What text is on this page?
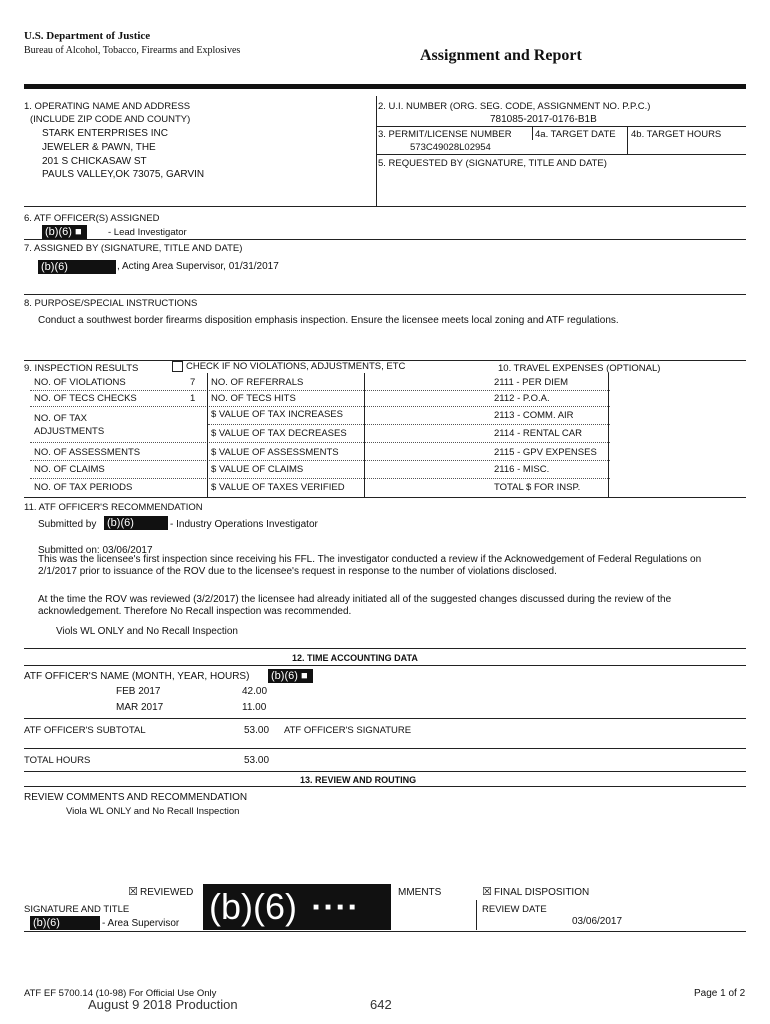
U.S. Department of Justice
Bureau of Alcohol, Tobacco, Firearms and Explosives	Assignment and Report
1. OPERATING NAME AND ADDRESS
(INCLUDE ZIP CODE AND COUNTY)
STARK ENTERPRISES INC
JEWELER & PAWN, THE
201 S CHICKASAW ST
PAULS VALLEY,OK 73075, GARVIN
2. U.I. NUMBER (ORG. SEG. CODE, ASSIGNMENT NO. P.P.C.)
781085-2017-0176-B1B
3. PERMIT/LICENSE NUMBER 4a. TARGET DATE 4b. TARGET HOURS
573C49028L02954
5. REQUESTED BY (SIGNATURE, TITLE AND DATE)
6. ATF OFFICER(S) ASSIGNED
(b)(6) ■	- Lead Investigator
7. ASSIGNED BY (SIGNATURE, TITLE AND DATE)
(b)(6)	, Acting Area Supervisor, 01/31/2017
8. PURPOSE/SPECIAL INSTRUCTIONS
Conduct a southwest border firearms disposition emphasis inspection. Ensure the licensee meets local zoning and ATF regulations.
9. INSPECTION RESULTS	CHECK IF NO VIOLATIONS, ADJUSTMENTS, ETC	10. TRAVEL EXPENSES (OPTIONAL)
NO. OF VIOLATIONS	7 NO. OF REFERRALS	2111 - PER DIEM
NO. OF TECS CHECKS	1 NO. OF TECS HITS	2112 - P.O.A.
NO. OF TAX	$ VALUE OF TAX INCREASES	2113 - COMM. AIR
ADJUSTMENTS	$ VALUE OF TAX DECREASES	2114 - RENTAL CAR
NO. OF ASSESSMENTS	$ VALUE OF ASSESSMENTS	2115 - GPV EXPENSES
NO. OF CLAIMS	$ VALUE OF CLAIMS	2116 - MISC.
NO. OF TAX PERIODS	$ VALUE OF TAXES VERIFIED	TOTAL $ FOR INSP.
11. ATF OFFICER'S RECOMMENDATION
Submitted by (b)(6)	- Industry Operations Investigator
Submitted on: 03/06/2017
This was the licensee's first inspection since receiving his FFL. The investigator conducted a review if the Acknowedgement of Federal Regulations on 2/1/2017 prior to issuance of the ROV due to the licensee's request in response to the number of violations disclosed.
At the time the ROV was reviewed (3/2/2017) the licensee had already initiated all of the suggested changes discussed during the review of the acknowledgement. Therefore No Recall inspection was recommended.
Viols WL ONLY and No Recall Inspection
12. TIME ACCOUNTING DATA
ATF OFFICER'S NAME (MONTH, YEAR, HOURS) (b)(6) ■
FEB 2017	42.00
MAR 2017	11.00
ATF OFFICER'S SUBTOTAL	53.00 ATF OFFICER'S SIGNATURE
TOTAL HOURS	53.00
13. REVIEW AND ROUTING
REVIEW COMMENTS AND RECOMMENDATION
Viola WL ONLY and No Recall Inspection
☒ REVIEWED (b)(6) ■■■■
MMENTS	☒ FINAL DISPOSITION
SIGNATURE AND TITLE
(b)(6)	- Area Supervisor
REVIEW DATE
03/06/2017
ATF EF 5700.14 (10-98) For Official Use Only
August 9 2018 Production	642
Page 1 of 2
